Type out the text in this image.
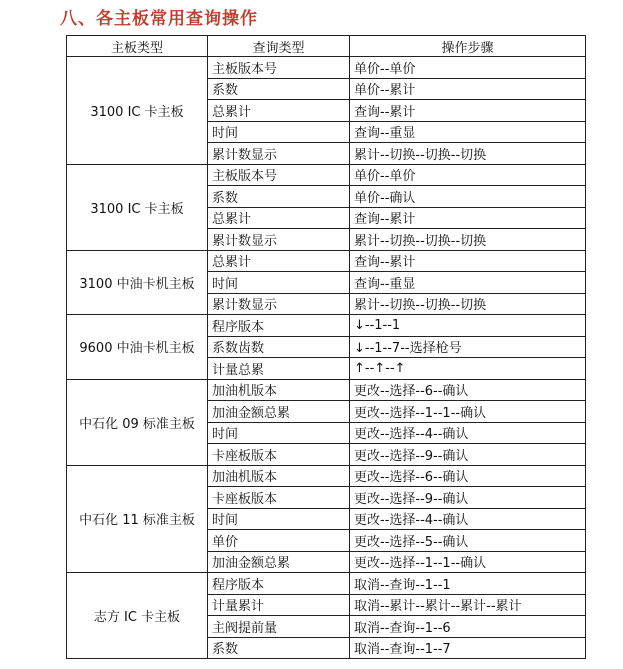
八、各主板常用查询操作
主板类型	查询类型	操作步骤
3100 IC 卡主板	主板版本号	单价--单价
	系数	单价--累计
	总累计	查询--累计
	时间	查询--重显
	累计数显示	累计--切换--切换--切换
3100 IC 卡主板	主板版本号	单价--单价
	系数	单价--确认
	总累计	查询--累计
	累计数显示	累计--切换--切换--切换
3100 中油卡机主板	总累计	查询--累计
	时间	查询--重显
	累计数显示	累计--切换--切换--切换
9600 中油卡机主板	程序版本	↓--1--1
	系数齿数	↓--1--7--选择枪号
	计量总累	↑--↑--↑
中石化 09 标准主板	加油机版本	更改--选择--6--确认
	加油金额总累	更改--选择--1--1--确认
	时间	更改--选择--4--确认
	卡座板版本	更改--选择--9--确认
中石化 11 标准主板	加油机版本	更改--选择--6--确认
	卡座板版本	更改--选择--9--确认
	时间	更改--选择--4--确认
	单价	更改--选择--5--确认
	加油金额总累	更改--选择--1--1--确认
志方 IC 卡主板	程序版本	取消--查询--1--1
	计量累计	取消--累计--累计--累计--累计
	主阀提前量	取消--查询--1--6
	系数	取消--查询--1--7
